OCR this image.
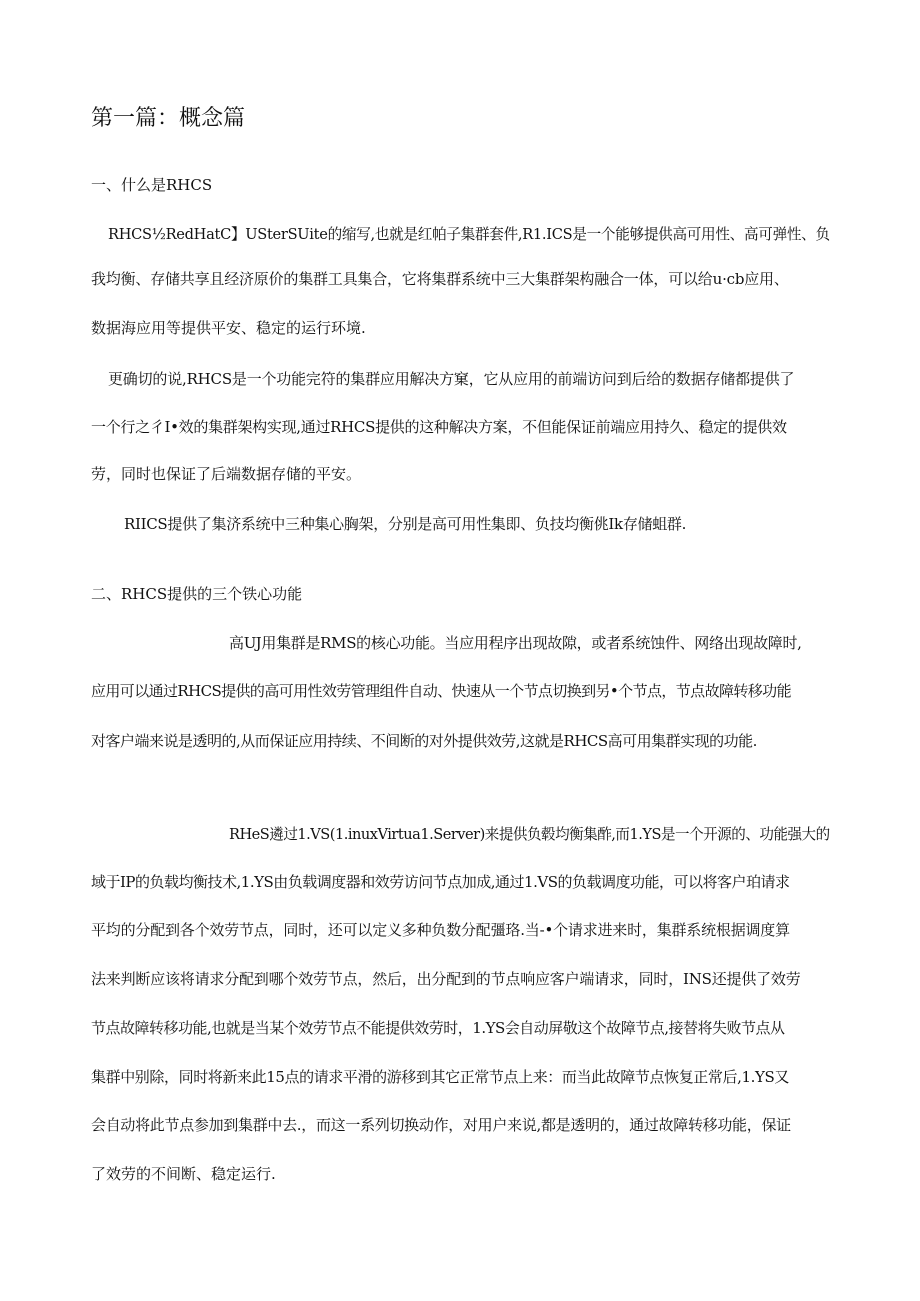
第一篇：概念篇
一、什么是RHCS
RHCS½RedHatC】USterSUite的缩写,也就是红帕子集群套件,R1.ICS是一个能够提供高可用性、高可弹性、负
我均衡、存储共享且经济原价的集群工具集合，它将集群系统中三大集群架构融合一体，可以给u·cb应用、
数据海应用等提供平安、稳定的运行环境.
更确切的说,RHCS是一个功能完符的集群应用解决方窠，它从应用的前端访问到后给的数据存储都提供了
一个行之彳I•效的集群架构实现,通过RHCS提供的这种解决方案，不但能保证前端应用持久、稳定的提供效
劳，同时也保证了后端数据存储的平安。
RIICS提供了集济系统中三种集心胸架，分别是高可用性集即、负技均衡佻Ik存储蛆群.
二、RHCS提供的三个铁心功能
高UJ用集群是RMS的核心功能。当应用程序出现故隙，或者系统蚀件、网络出现故障时,
应用可以通过RHCS提供的高可用性效劳管理组件自动、快速从一个节点切换到另•个节点，节点故障转移功能
对客户端来说是透明的,从而保证应用持续、不间断的对外提供效劳,这就是RHCS高可用集群实现的功能.
RHeS遴过1.VS(1.inuxVirtua1.Server)来提供负毂均衡集酢,而1.YS是一个开源的、功能强大的
域于IP的负载均衡技术,1.YS由负载调度器和效劳访问节点加成,通过1.VS的负载调度功能，可以将客户珀请求
平均的分配到各个效劳节点，同时，还可以定义多种负数分配彊珞.当-•个请求进来时，集群系统根据调度算
法来判断应该将请求分配到哪个效劳节点，然后，出分配到的节点响应客户端请求，同时，INS还提供了效劳
节点故障转移功能,也就是当某个效劳节点不能提供效劳时，1.YS会自动屏敬这个故障节点,接替将失败节点从
集群中别除，同时将新来此15点的请求平滑的游移到其它正常节点上来：而当此故障节点恢复正常后,1.YS又
会自动将此节点参加到集群中去.，而这一系列切换动作，对用户来说,都是透明的，通过故障转移功能，保证
了效劳的不间断、稳定运行.
